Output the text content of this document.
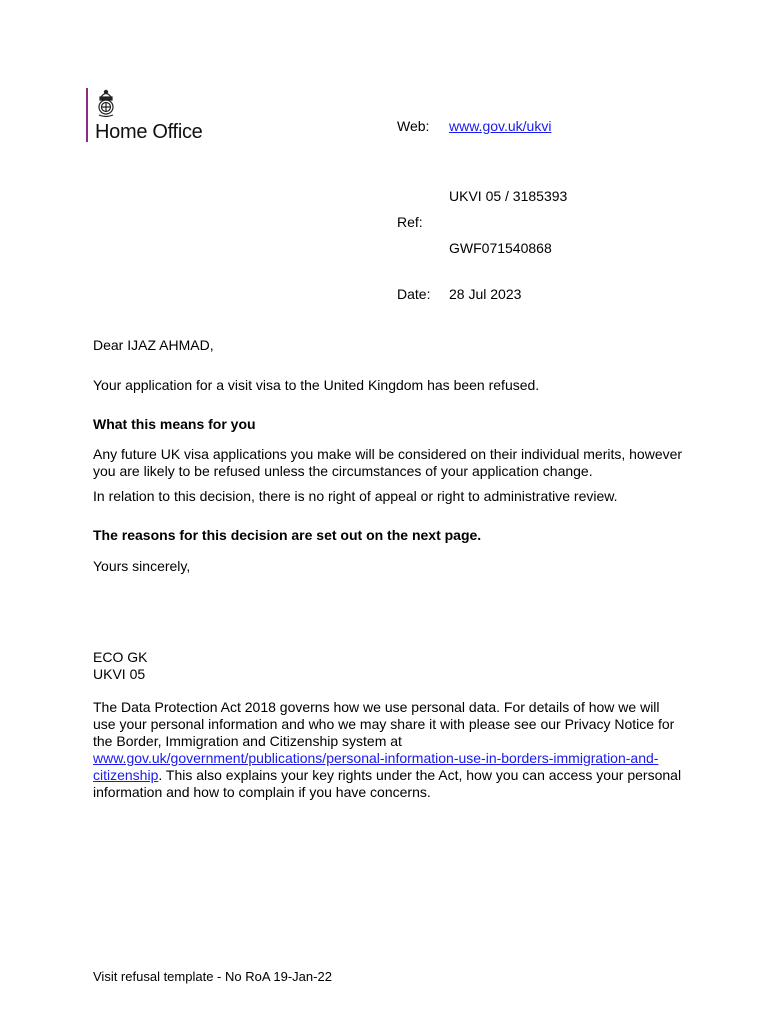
Home Office	Web: www.gov.uk/ukvi
UKVI 05 / 3185393
Ref:
GWF071540868
Date: 28 Jul 2023
Dear IJAZ AHMAD,
Your application for a visit visa to the United Kingdom has been refused.
What this means for you
Any future UK visa applications you make will be considered on their individual merits, however you are likely to be refused unless the circumstances of your application change.
In relation to this decision, there is no right of appeal or right to administrative review.
The reasons for this decision are set out on the next page.
Yours sincerely,
ECO GK
UKVI 05
The Data Protection Act 2018 governs how we use personal data. For details of how we will use your personal information and who we may share it with please see our Privacy Notice for the Border, Immigration and Citizenship system at www.gov.uk/government/publications/personal-information-use-in-borders-immigration-and-citizenship. This also explains your key rights under the Act, how you can access your personal information and how to complain if you have concerns.
Visit refusal template - No RoA 19-Jan-22
